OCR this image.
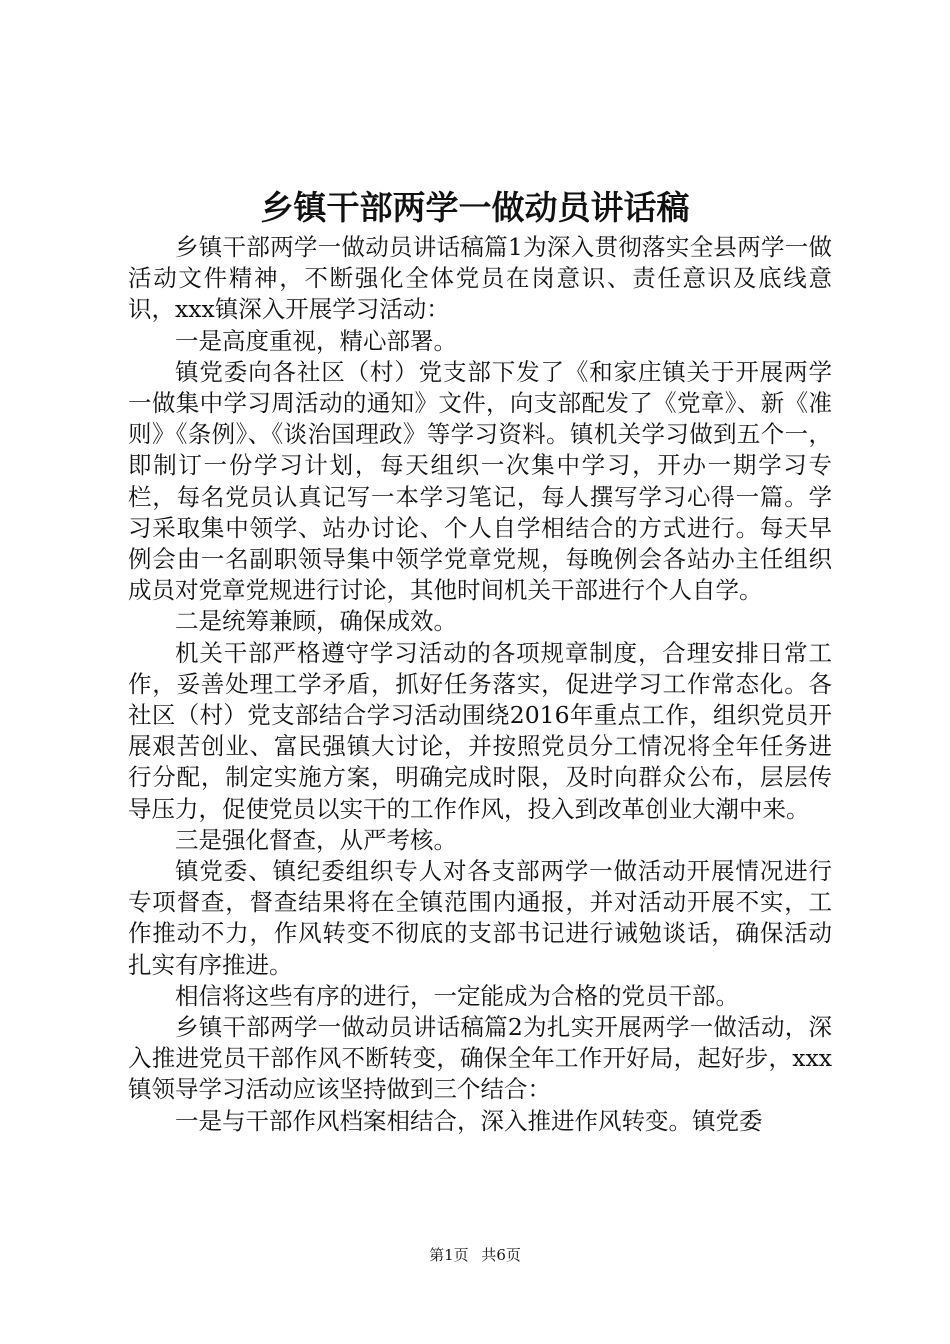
乡镇干部两学一做动员讲话稿

乡镇干部两学一做动员讲话稿篇1为深入贯彻落实全县两学一做活动文件精神，不断强化全体党员在岗意识、责任意识及底线意识，xxx镇深入开展学习活动：

一是高度重视，精心部署。

镇党委向各社区（村）党支部下发了《和家庄镇关于开展两学一做集中学习周活动的通知》文件，向支部配发了《党章》、新《准则》《条例》、《谈治国理政》等学习资料。镇机关学习做到五个一，即制订一份学习计划，每天组织一次集中学习，开办一期学习专栏，每名党员认真记写一本学习笔记，每人撰写学习心得一篇。学习采取集中领学、站办讨论、个人自学相结合的方式进行。每天早例会由一名副职领导集中领学党章党规，每晚例会各站办主任组织成员对党章党规进行讨论，其他时间机关干部进行个人自学。

二是统筹兼顾，确保成效。

机关干部严格遵守学习活动的各项规章制度，合理安排日常工作，妥善处理工学矛盾，抓好任务落实，促进学习工作常态化。各社区（村）党支部结合学习活动围绕2016年重点工作，组织党员开展艰苦创业、富民强镇大讨论，并按照党员分工情况将全年任务进行分配，制定实施方案，明确完成时限，及时向群众公布，层层传导压力，促使党员以实干的工作作风，投入到改革创业大潮中来。

三是强化督查，从严考核。

镇党委、镇纪委组织专人对各支部两学一做活动开展情况进行专项督查，督查结果将在全镇范围内通报，并对活动开展不实，工作推动不力，作风转变不彻底的支部书记进行诫勉谈话，确保活动扎实有序推进。

相信将这些有序的进行，一定能成为合格的党员干部。

乡镇干部两学一做动员讲话稿篇2为扎实开展两学一做活动，深入推进党员干部作风不断转变，确保全年工作开好局，起好步，xxx镇领导学习活动应该坚持做到三个结合：

一是与干部作风档案相结合，深入推进作风转变。镇党委

第1页 共6页
